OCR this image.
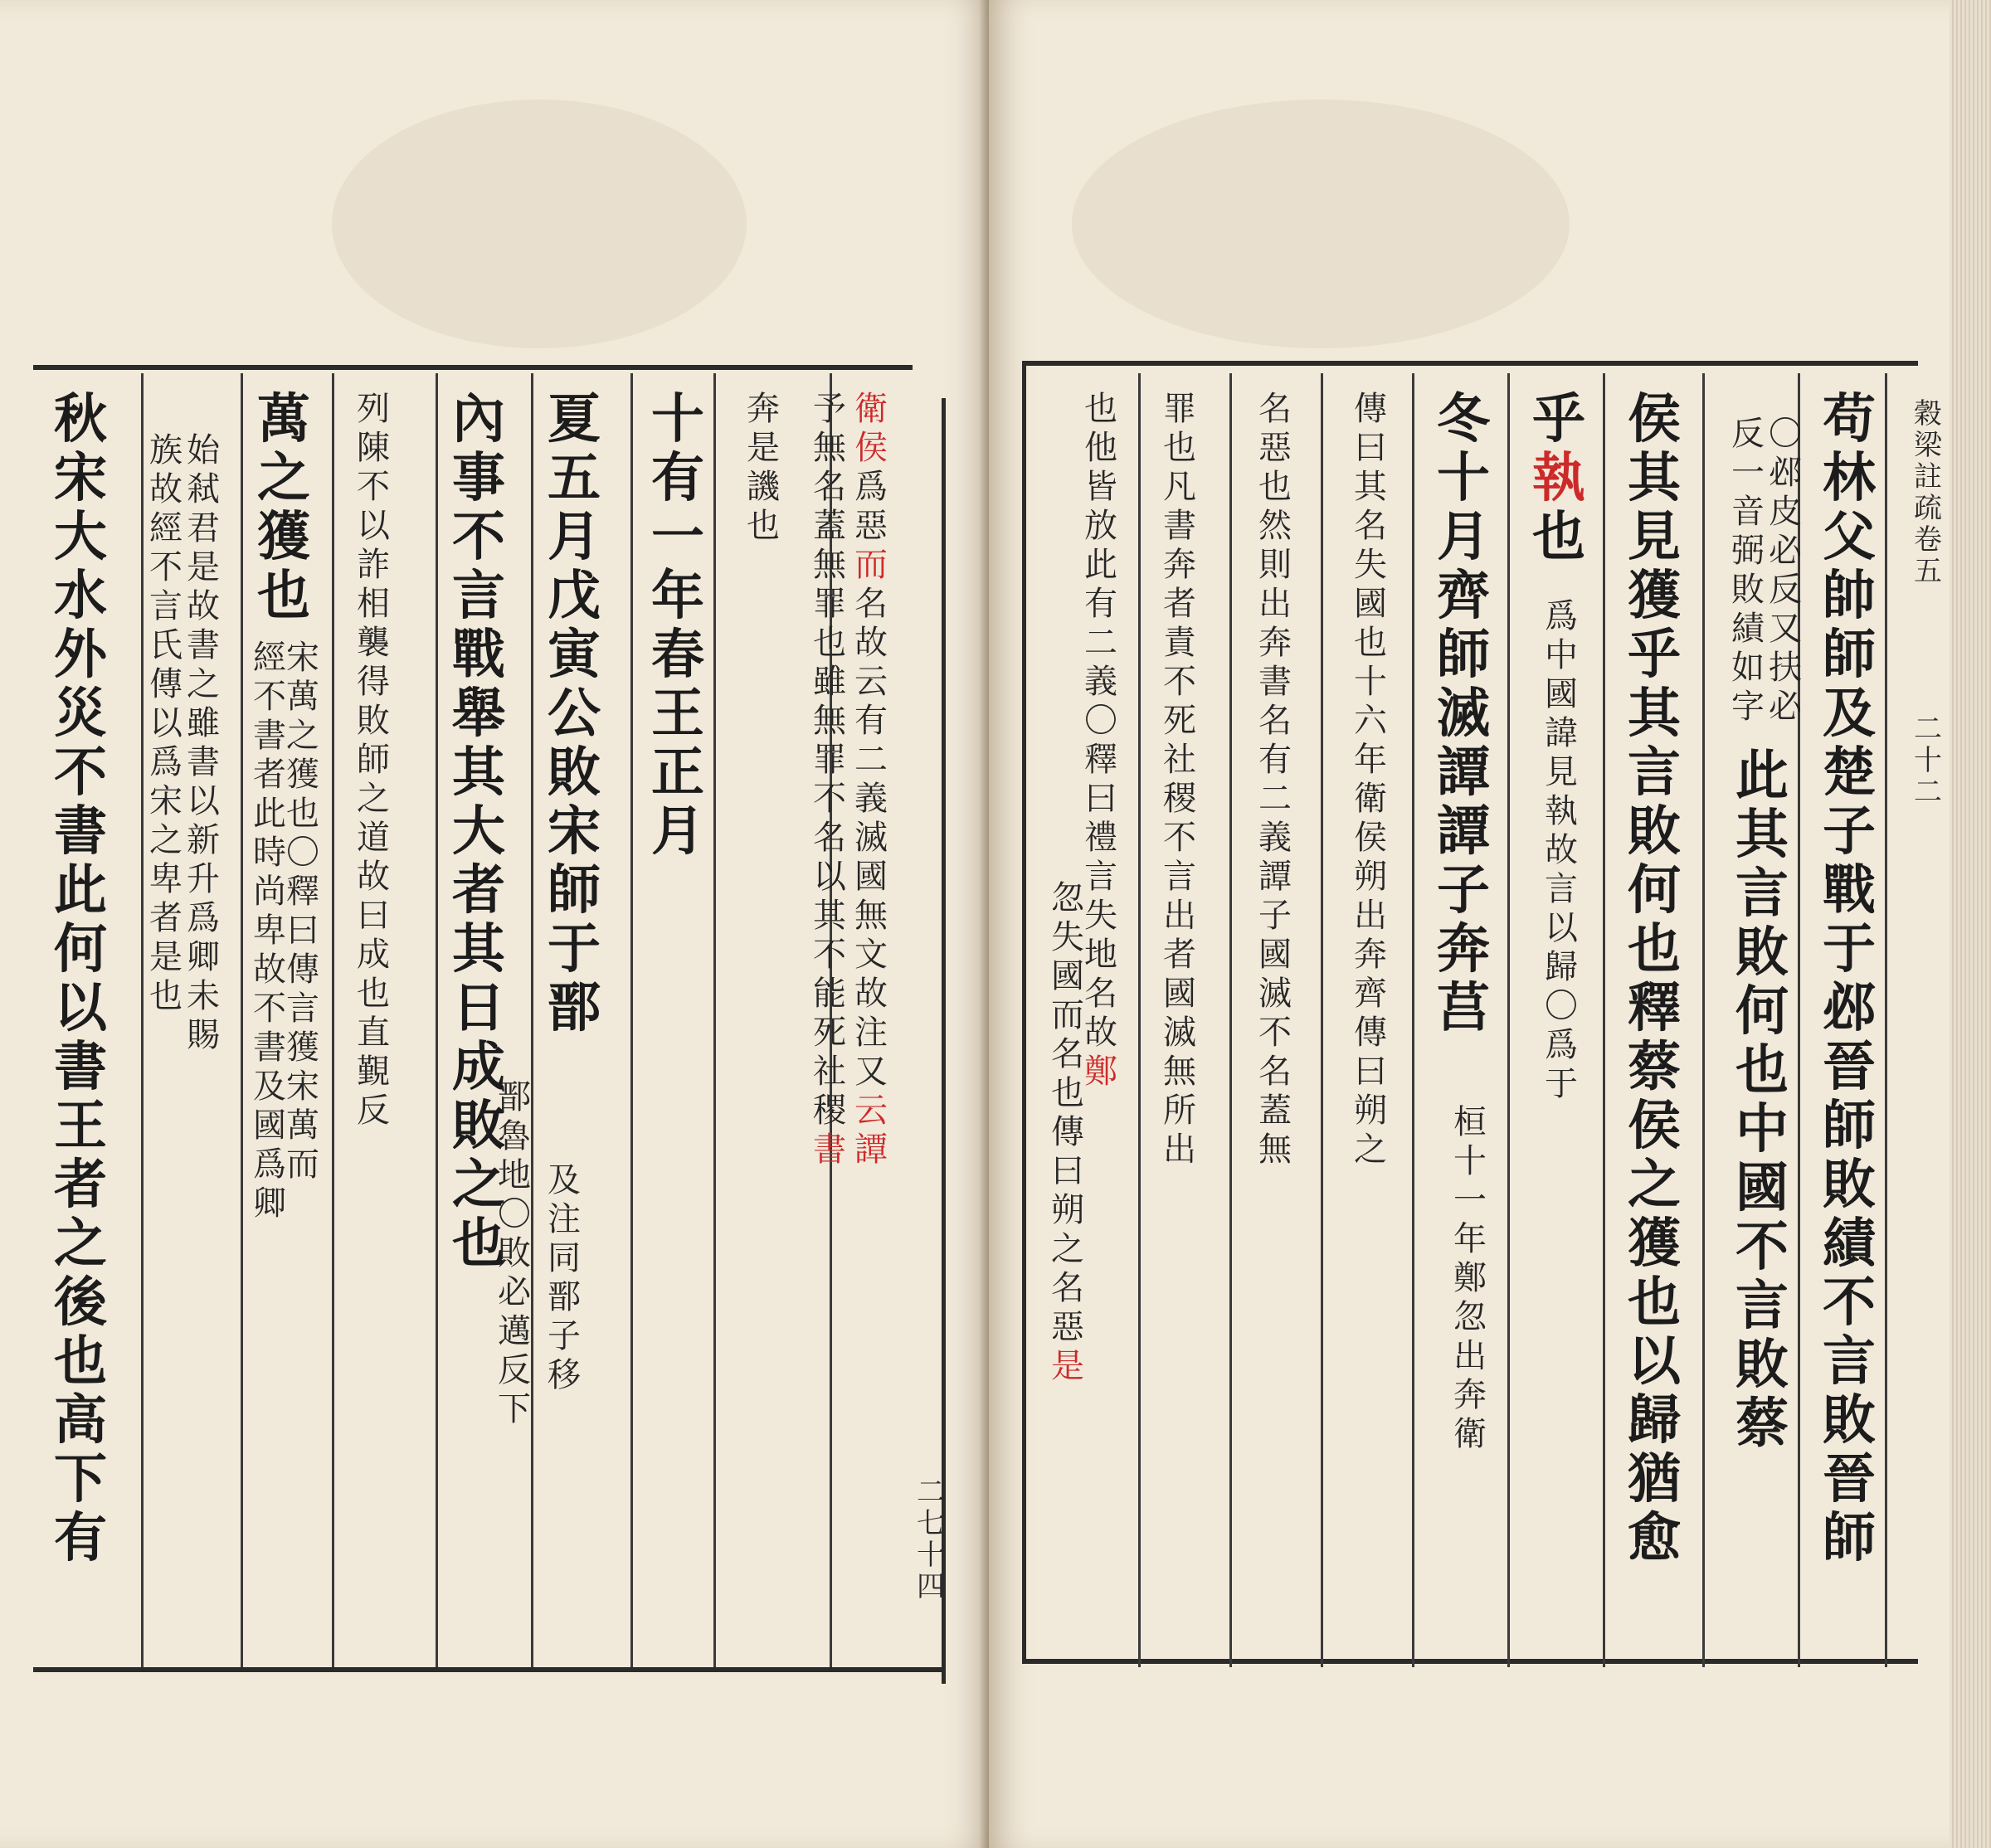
衛
侯
爲
惡
而
名
故
云
有
二
義
滅
國
無
文
故
注
又
云
譚
予
無
名
蓋
無
罪
也
雖
無
罪
不
名
以
其
不
能
死
社
稷
書
奔
是
譏
也
十
有
一
年
春
王
正
月
夏
五
月
戊
寅
公
敗
宋
師
于
鄑
鄑
魯
地
〇
敗
必
邁
反
下
及
注
同
鄑
子
移
內
事
不
言
戰
舉
其
大
者
其
日
成
敗
之
也
列
陳
不
以
詐
相
襲
得
敗
師
之
道
故
曰
成
也
直
覲
反
萬
之
獲
也
宋
萬
之
獲
也
〇
釋
曰
傳
言
獲
宋
萬
而
經
不
書
者
此
時
尚
卑
故
不
書
及
國
爲
卿
始
弒
君
是
故
書
之
雖
書
以
新
升
爲
卿
未
賜
族
故
經
不
言
氏
傳
以
爲
宋
之
卑
者
是
也
秋
宋
大
水
外
災
不
書
此
何
以
書
王
者
之
後
也
高
下
有
二
七
十
四
苟
林
父
帥
師
及
楚
子
戰
于
邲
晉
師
敗
績
不
言
敗
晉
師
〇
邲
皮
必
反
又
扶
必
反
一
音
弼
敗
績
如
字
此
其
言
敗
何
也
中
國
不
言
敗
蔡
侯
其
見
獲
乎
其
言
敗
何
也
釋
蔡
侯
之
獲
也
以
歸
猶
愈
乎
執
也
爲
中
國
諱
見
執
故
言
以
歸
〇
爲
于
冬
十
月
齊
師
滅
譚
譚
子
奔
莒
桓
十
一
年
鄭
忽
出
奔
衛
傳
曰
其
名
失
國
也
十
六
年
衛
侯
朔
出
奔
齊
傳
曰
朔
之
名
惡
也
然
則
出
奔
書
名
有
二
義
譚
子
國
滅
不
名
蓋
無
罪
也
凡
書
奔
者
責
不
死
社
稷
不
言
出
者
國
滅
無
所
出
也
他
皆
放
此
有
二
義
〇
釋
曰
禮
言
失
地
名
故
鄭
忽
失
國
而
名
也
傳
曰
朔
之
名
惡
是
穀
梁
註
疏
卷
五
二
十
二
